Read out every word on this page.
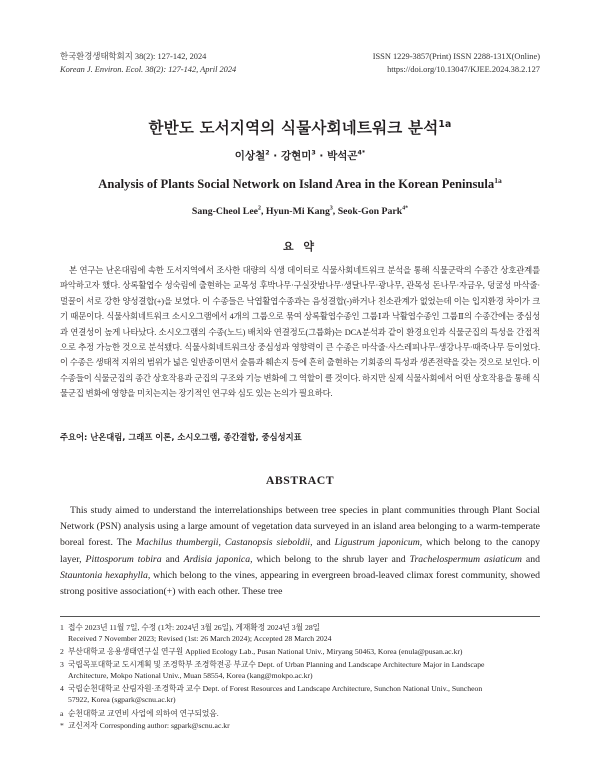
한국환경생태학회지 38(2): 127-142, 2024
Korean J. Environ. Ecol. 38(2): 127-142, April 2024
ISSN 1229-3857(Print) ISSN 2288-131X(Online)
https://doi.org/10.13047/KJEE.2024.38.2.127
한반도 도서지역의 식물사회네트워크 분석$^{1a}$
이상철$^2$ · 강현미$^3$ · 박석곤$^{4*}$
Analysis of Plants Social Network on Island Area in the Korean Peninsula$^{1a}$
Sang-Cheol Lee$^2$, Hyun-Mi Kang$^3$, Seok-Gon Park$^{4*}$
요 약
본 연구는 난온대림에 속한 도서지역에서 조사한 대량의 식생 데이터로 식물사회네트워크 분석을 통해 식물군락의 수종간 상호관계를 파악하고자 했다. 상록활엽수 성숙림에 출현하는 교목성 후박나무·구실잣밤나무·생달나무·광나무, 관목성 돈나무·자금우, 덩굴성 마삭줄·멀꿀이 서로 강한 양성결합(+)을 보였다. 이 수종들은 낙엽활엽수종과는 음성결합(-)하거나 친소관계가 없었는데 이는 입지환경 차이가 크기 때문이다. 식물사회네트워크 소시오그램에서 4개의 그룹으로 묶여 상록활엽수종인 그룹Ⅰ과 낙활엽수종인 그룹Ⅱ의 수종간에는 중심성과 연결성이 높게 나타났다. 소시오그램의 수종(노드) 배치와 연결정도(그룹화)는 DCA분석과 같이 환경요인과 식물군집의 특성을 간접적으로 추정 가능한 것으로 분석됐다. 식물사회네트워크상 중심성과 영향력이 큰 수종은 마삭줄·사스레피나무·생강나무·때죽나무 등이었다. 이 수종은 생태적 지위의 범위가 넓은 일반종이면서 숲틈과 훼손지 등에 흔히 출현하는 기회종의 특성과 생존전략을 갖는 것으로 보인다. 이 수종들이 식물군집의 종간 상호작용과 군집의 구조와 기능 변화에 그 역할이 클 것이다. 하지만 실제 식물사회에서 어떤 상호작용을 통해 식물군집 변화에 영향을 미치는지는 장기적인 연구와 심도 있는 논의가 필요하다.
주요어: 난온대림, 그래프 이론, 소시오그램, 종간결합, 중심성지표
ABSTRACT
This study aimed to understand the interrelationships between tree species in plant communities through Plant Social Network (PSN) analysis using a large amount of vegetation data surveyed in an island area belonging to a warm-temperate boreal forest. The Machilus thumbergii, Castanopsis sieboldii, and Ligustrum japonicum, which belong to the canopy layer, Pittosporum tobira and Ardisia japonica, which belong to the shrub layer and Trachelospermum asiaticum and Stauntonia hexaphylla, which belong to the vines, appearing in evergreen broad-leaved climax forest community, showed strong positive association(+) with each other. These tree
1 접수 2023년 11월 7일, 수정 (1차: 2024년 3월 26일), 게재확정 2024년 3월 28일
Received 7 November 2023; Revised (1st: 26 March 2024); Accepted 28 March 2024
2 부산대학교 응용생태연구실 연구원 Applied Ecology Lab., Pusan National Univ., Miryang 50463, Korea (enula@pusan.ac.kr)
3 국립목포대학교 도시계획 및 조경학부 조경학전공 부교수 Dept. of Urban Planning and Landscape Architecture Major in Landscape
Architecture, Mokpo National Univ., Muan 58554, Korea (kang@mokpo.ac.kr)
4 국립순천대학교 산림자원·조경학과 교수 Dept. of Forest Resources and Landscape Architecture, Sunchon National Univ., Suncheon
57922, Korea (sgpark@scnu.ac.kr)
a 순천대학교 교연비 사업에 의하여 연구되었음.
* 교신저자 Corresponding author: sgpark@scnu.ac.kr
